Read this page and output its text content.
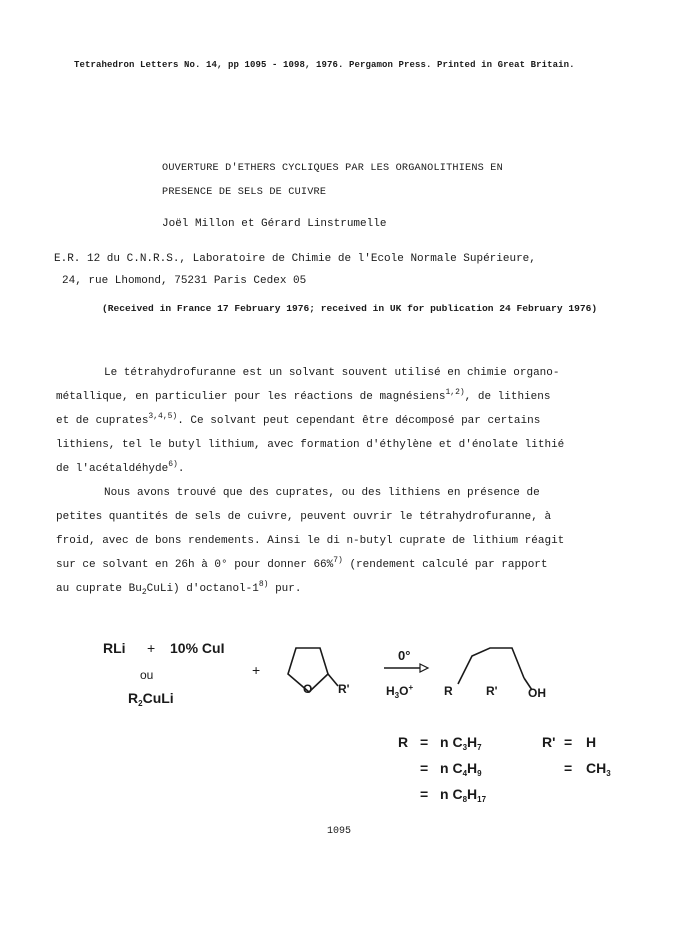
Tetrahedron Letters No. 14, pp 1095 - 1098, 1976. Pergamon Press. Printed in Great Britain.
OUVERTURE D'ETHERS CYCLIQUES PAR LES ORGANOLITHIENS EN
PRESENCE DE SELS DE CUIVRE
Joël Millon et Gérard Linstrumelle
E.R. 12 du C.N.R.S., Laboratoire de Chimie de l'Ecole Normale Supérieure,
24, rue Lhomond, 75231 Paris Cedex 05
(Received in France 17 February 1976; received in UK for publication 24 February 1976)
Le tétrahydrofuranne est un solvant souvent utilisé en chimie organo-
métallique, en particulier pour les réactions de magnésiens$^{1,2)}$, de lithiens
et de cuprates$^{3,4,5)}$. Ce solvant peut cependant être décomposé par certains
lithiens, tel le butyl lithium, avec formation d'éthylène et d'énolate lithié
de l'acétaldéhyde$^{6)}$.
Nous avons trouvé que des cuprates, ou des lithiens en présence de
petites quantités de sels de cuivre, peuvent ouvrir le tétrahydrofuranne, à
froid, avec de bons rendements. Ainsi le di n-butyl cuprate de lithium réagit
sur ce solvant en 26h à 0° pour donner 66%$^{7)}$ (rendement calculé par rapport
au cuprate $Bu_2CuLi$) d'octanol-1$^{8)}$ pur.
RLi + 10% CuI
ou
$R_2CuLi$
+
O R'
0°
$H_3O^+$	R	R'	OH
R = n $C_3H_7$
= n $C_4H_9$
= n $C_8H_{17}$
R' = H
= $CH_3$
1095
